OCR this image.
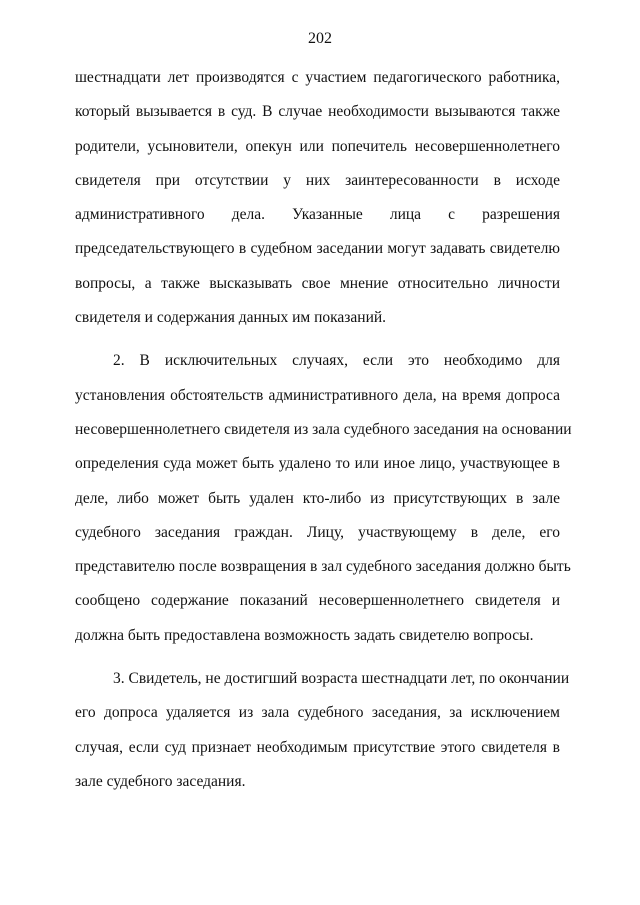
202
шестнадцати лет производятся с участием педагогического работника,
который вызывается в суд. В случае необходимости вызываются также
родители, усыновители, опекун или попечитель несовершеннолетнего
свидетеля при отсутствии у них заинтересованности в исходе
административного дела. Указанные лица с разрешения
председательствующего в судебном заседании могут задавать свидетелю
вопросы, а также высказывать свое мнение относительно личности
свидетеля и содержания данных им показаний.
2. В исключительных случаях, если это необходимо для
установления обстоятельств административного дела, на время допроса
несовершеннолетнего свидетеля из зала судебного заседания на основании
определения суда может быть удалено то или иное лицо, участвующее в
деле, либо может быть удален кто-либо из присутствующих в зале
судебного заседания граждан. Лицу, участвующему в деле, его
представителю после возвращения в зал судебного заседания должно быть
сообщено содержание показаний несовершеннолетнего свидетеля и
должна быть предоставлена возможность задать свидетелю вопросы.
3. Свидетель, не достигший возраста шестнадцати лет, по окончании
его допроса удаляется из зала судебного заседания, за исключением
случая, если суд признает необходимым присутствие этого свидетеля в
зале судебного заседания.
